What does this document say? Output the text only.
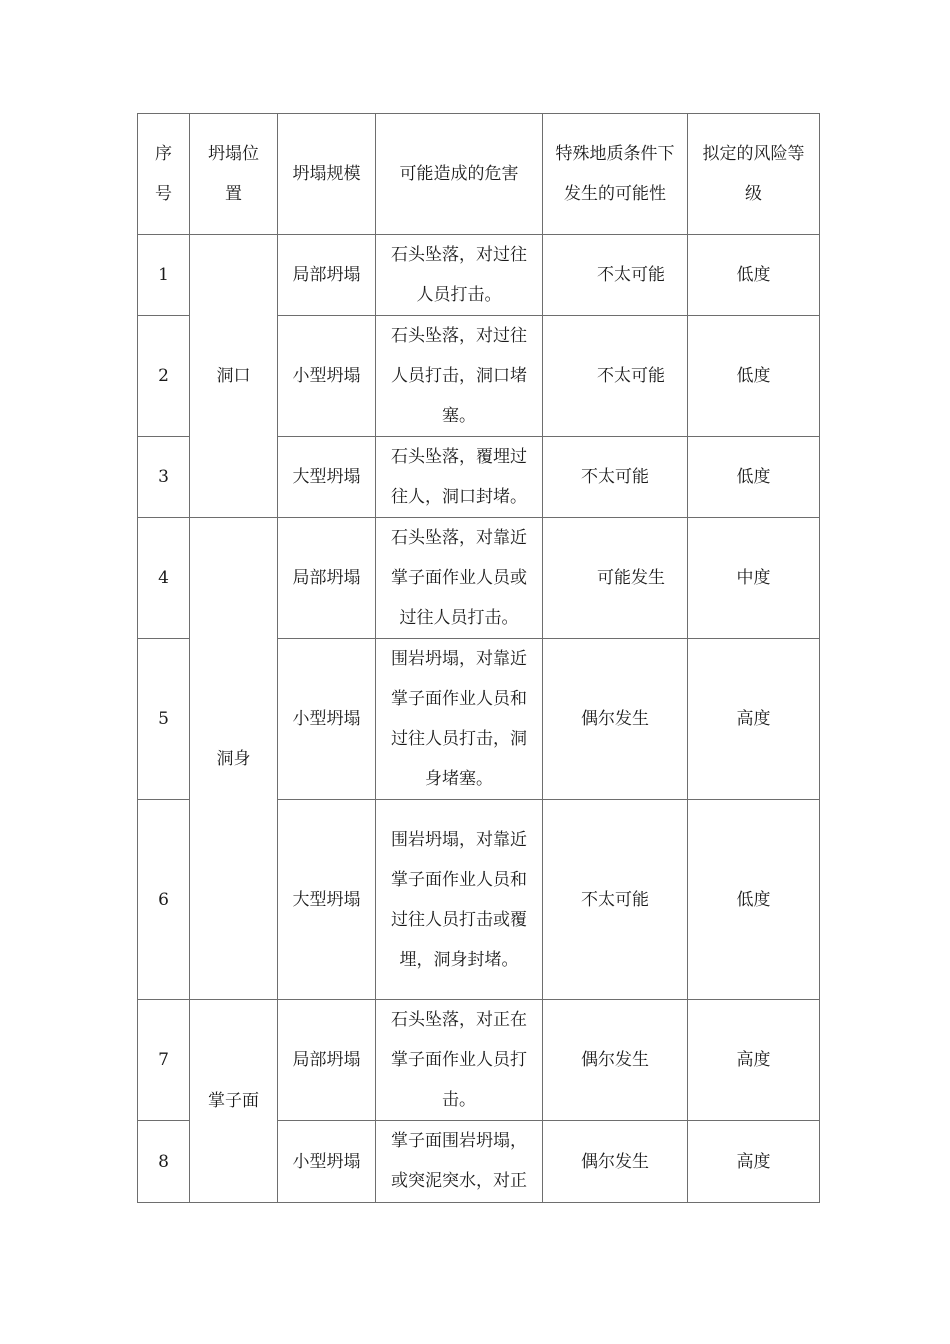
序号	坍塌位置	坍塌规模	可能造成的危害	特殊地质条件下发生的可能性	拟定的风险等级
1	洞口	局部坍塌	石头坠落，对过往人员打击。	不太可能	低度
2		小型坍塌	石头坠落，对过往人员打击，洞口堵塞。	不太可能	低度
3		大型坍塌	石头坠落，覆埋过往人，洞口封堵。	不太可能	低度
4	洞身	局部坍塌	石头坠落，对靠近掌子面作业人员或过往人员打击。	可能发生	中度
5		小型坍塌	围岩坍塌，对靠近掌子面作业人员和过往人员打击，洞身堵塞。	偶尔发生	高度
6		大型坍塌	围岩坍塌，对靠近掌子面作业人员和过往人员打击或覆埋，洞身封堵。	不太可能	低度
7	掌子面	局部坍塌	石头坠落，对正在掌子面作业人员打击。	偶尔发生	高度
8		小型坍塌	掌子面围岩坍塌，或突泥突水，对正	偶尔发生	高度
